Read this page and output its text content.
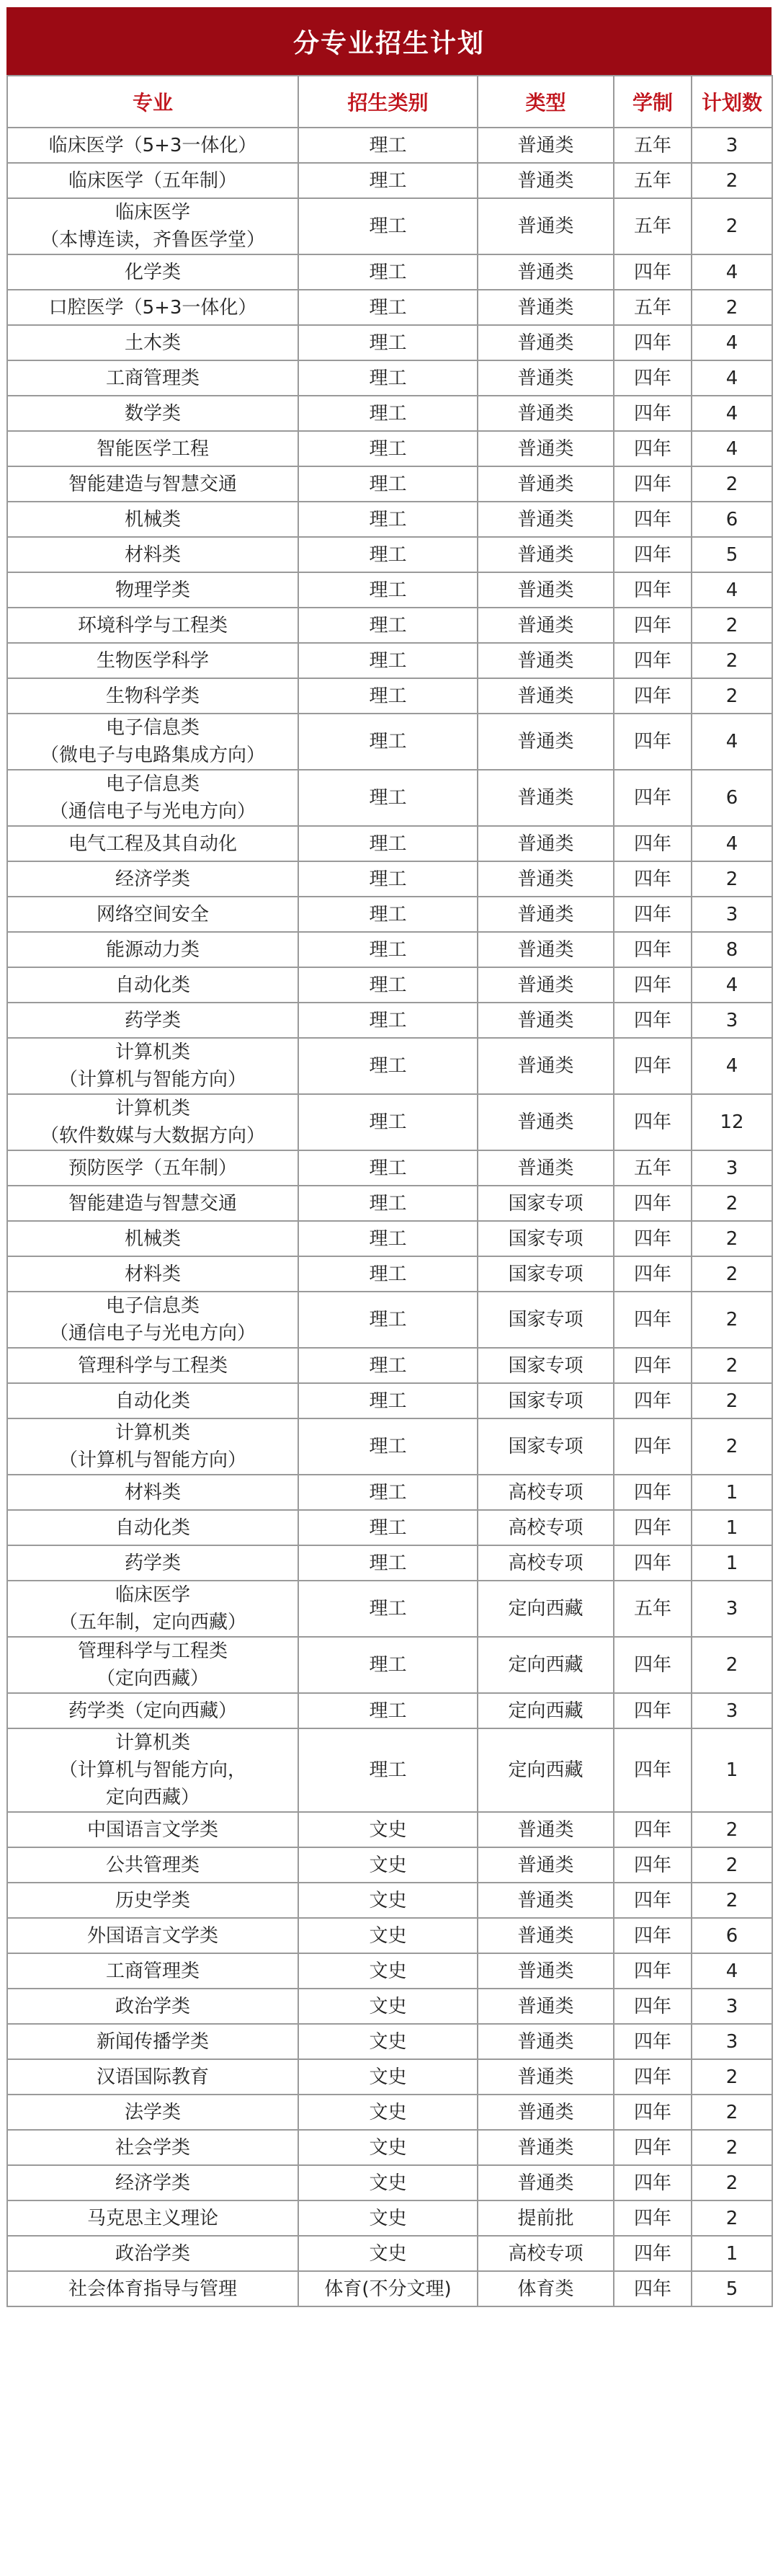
分专业招生计划
专业	招生类别	类型	学制	计划数
临床医学（5+3一体化）	理工	普通类	五年	3
临床医学（五年制）	理工	普通类	五年	2
临床医学
（本博连读，齐鲁医学堂）	理工	普通类	五年	2
化学类	理工	普通类	四年	4
口腔医学（5+3一体化）	理工	普通类	五年	2
土木类	理工	普通类	四年	4
工商管理类	理工	普通类	四年	4
数学类	理工	普通类	四年	4
智能医学工程	理工	普通类	四年	4
智能建造与智慧交通	理工	普通类	四年	2
机械类	理工	普通类	四年	6
材料类	理工	普通类	四年	5
物理学类	理工	普通类	四年	4
环境科学与工程类	理工	普通类	四年	2
生物医学科学	理工	普通类	四年	2
生物科学类	理工	普通类	四年	2
电子信息类
（微电子与电路集成方向）	理工	普通类	四年	4
电子信息类
（通信电子与光电方向）	理工	普通类	四年	6
电气工程及其自动化	理工	普通类	四年	4
经济学类	理工	普通类	四年	2
网络空间安全	理工	普通类	四年	3
能源动力类	理工	普通类	四年	8
自动化类	理工	普通类	四年	4
药学类	理工	普通类	四年	3
计算机类
（计算机与智能方向）	理工	普通类	四年	4
计算机类
（软件数媒与大数据方向）	理工	普通类	四年	12
预防医学（五年制）	理工	普通类	五年	3
智能建造与智慧交通	理工	国家专项	四年	2
机械类	理工	国家专项	四年	2
材料类	理工	国家专项	四年	2
电子信息类
（通信电子与光电方向）	理工	国家专项	四年	2
管理科学与工程类	理工	国家专项	四年	2
自动化类	理工	国家专项	四年	2
计算机类
（计算机与智能方向）	理工	国家专项	四年	2
材料类	理工	高校专项	四年	1
自动化类	理工	高校专项	四年	1
药学类	理工	高校专项	四年	1
临床医学
（五年制，定向西藏）	理工	定向西藏	五年	3
管理科学与工程类
（定向西藏）	理工	定向西藏	四年	2
药学类（定向西藏）	理工	定向西藏	四年	3
计算机类
（计算机与智能方向，
定向西藏）	理工	定向西藏	四年	1
中国语言文学类	文史	普通类	四年	2
公共管理类	文史	普通类	四年	2
历史学类	文史	普通类	四年	2
外国语言文学类	文史	普通类	四年	6
工商管理类	文史	普通类	四年	4
政治学类	文史	普通类	四年	3
新闻传播学类	文史	普通类	四年	3
汉语国际教育	文史	普通类	四年	2
法学类	文史	普通类	四年	2
社会学类	文史	普通类	四年	2
经济学类	文史	普通类	四年	2
马克思主义理论	文史	提前批	四年	2
政治学类	文史	高校专项	四年	1
社会体育指导与管理	体育(不分文理)	体育类	四年	5
